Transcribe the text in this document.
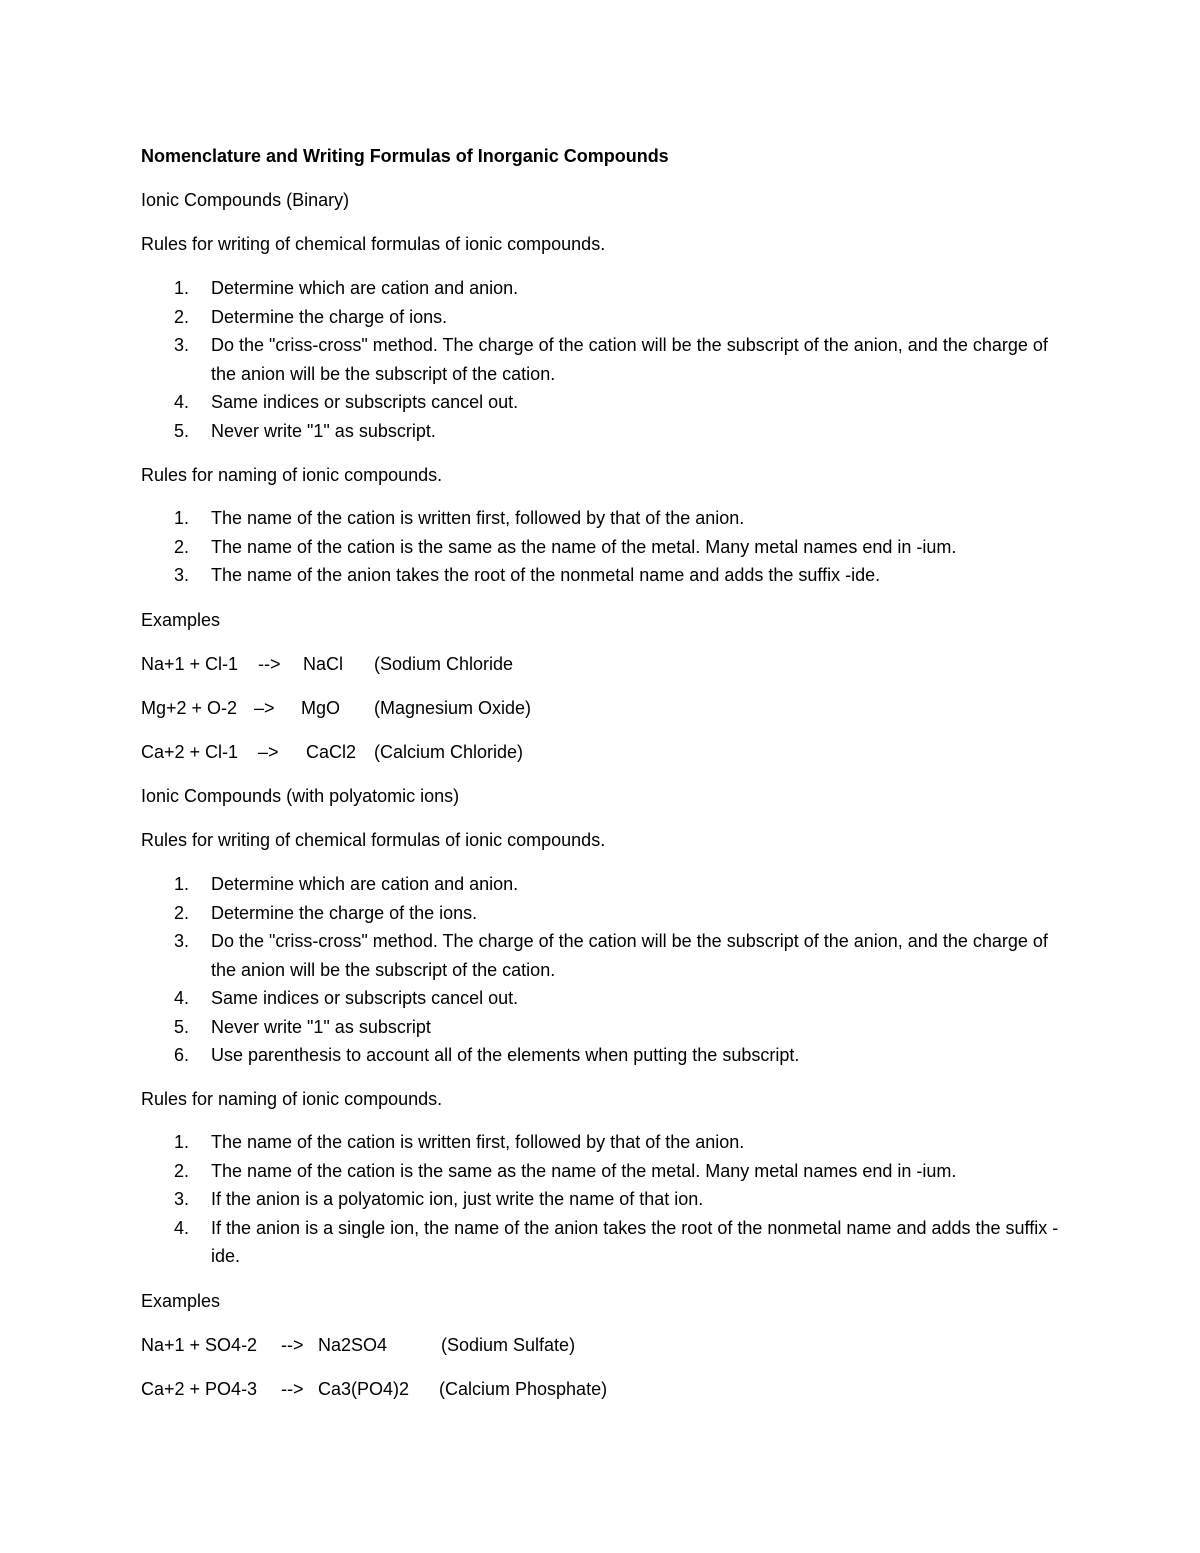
Nomenclature and Writing Formulas of Inorganic Compounds
Ionic Compounds (Binary)
Rules for writing of chemical formulas of ionic compounds.
1. Determine which are cation and anion.
2. Determine the charge of ions.
3. Do the "criss-cross" method. The charge of the cation will be the subscript of the anion, and the charge of the anion will be the subscript of the cation.
4. Same indices or subscripts cancel out.
5. Never write "1" as subscript.
Rules for naming of ionic compounds.
1. The name of the cation is written first, followed by that of the anion.
2. The name of the cation is the same as the name of the metal. Many metal names end in -ium.
3. The name of the anion takes the root of the nonmetal name and adds the suffix -ide.
Examples
Na+1 + Cl-1 --> NaCl (Sodium Chloride
Mg+2 + O-2 –> MgO (Magnesium Oxide)
Ca+2 + Cl-1 –> CaCl2 (Calcium Chloride)
Ionic Compounds (with polyatomic ions)
Rules for writing of chemical formulas of ionic compounds.
1. Determine which are cation and anion.
2. Determine the charge of the ions.
3. Do the "criss-cross" method. The charge of the cation will be the subscript of the anion, and the charge of the anion will be the subscript of the cation.
4. Same indices or subscripts cancel out.
5. Never write "1" as subscript
6. Use parenthesis to account all of the elements when putting the subscript.
Rules for naming of ionic compounds.
1. The name of the cation is written first, followed by that of the anion.
2. The name of the cation is the same as the name of the metal. Many metal names end in -ium.
3. If the anion is a polyatomic ion, just write the name of that ion.
4. If the anion is a single ion, the name of the anion takes the root of the nonmetal name and adds the suffix -ide.
Examples
Na+1 + SO4-2 --> Na2SO4	(Sodium Sulfate)
Ca+2 + PO4-3 --> Ca3(PO4)2 (Calcium Phosphate)
